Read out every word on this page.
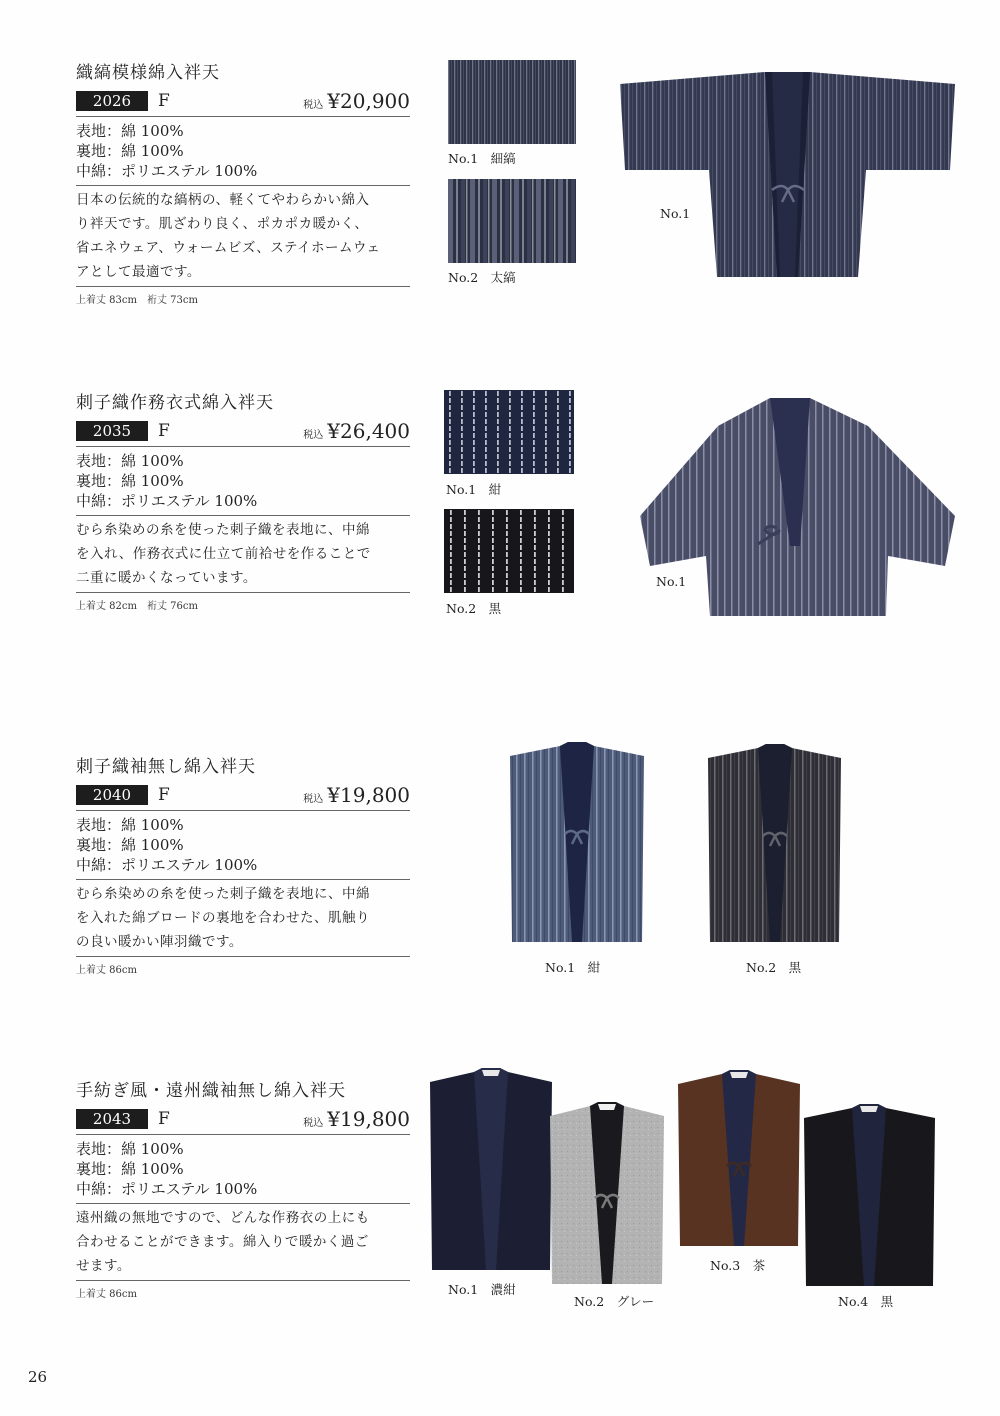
織縞模様綿入袢天
2026	F	税込 ¥20,900
表地：綿 100%
裏地：綿 100%
中綿：ポリエステル 100%
日本の伝統的な縞柄の、軽くてやわらかい綿入
り袢天です。肌ざわり良く、ポカポカ暖かく、
省エネウェア、ウォームビズ、ステイホームウェ
アとして最適です。
上着丈 83cm　裄丈 73cm
No.1　細縞
No.2　太縞
No.1
刺子織作務衣式綿入袢天
2035	F	税込 ¥26,400
表地：綿 100%
裏地：綿 100%
中綿：ポリエステル 100%
むら糸染めの糸を使った刺子織を表地に、中綿
を入れ、作務衣式に仕立て前袷せを作ることで
二重に暖かくなっています。
上着丈 82cm　裄丈 76cm
No.1　紺
No.2　黒
No.1
刺子織袖無し綿入袢天
2040	F	税込 ¥19,800
表地：綿 100%
裏地：綿 100%
中綿：ポリエステル 100%
むら糸染めの糸を使った刺子織を表地に、中綿
を入れた綿ブロードの裏地を合わせた、肌触り
の良い暖かい陣羽織です。
上着丈 86cm	No.1　紺	No.2　黒
手紡ぎ風・遠州織袖無し綿入袢天
2043	F	税込 ¥19,800
表地：綿 100%
裏地：綿 100%
中綿：ポリエステル 100%
遠州織の無地ですので、どんな作務衣の上にも
合わせることができます。綿入りで暖かく過ご
せます。
上着丈 86cm	No.1　濃紺
No.2　グレー
No.3　茶
No.4　黒
26
